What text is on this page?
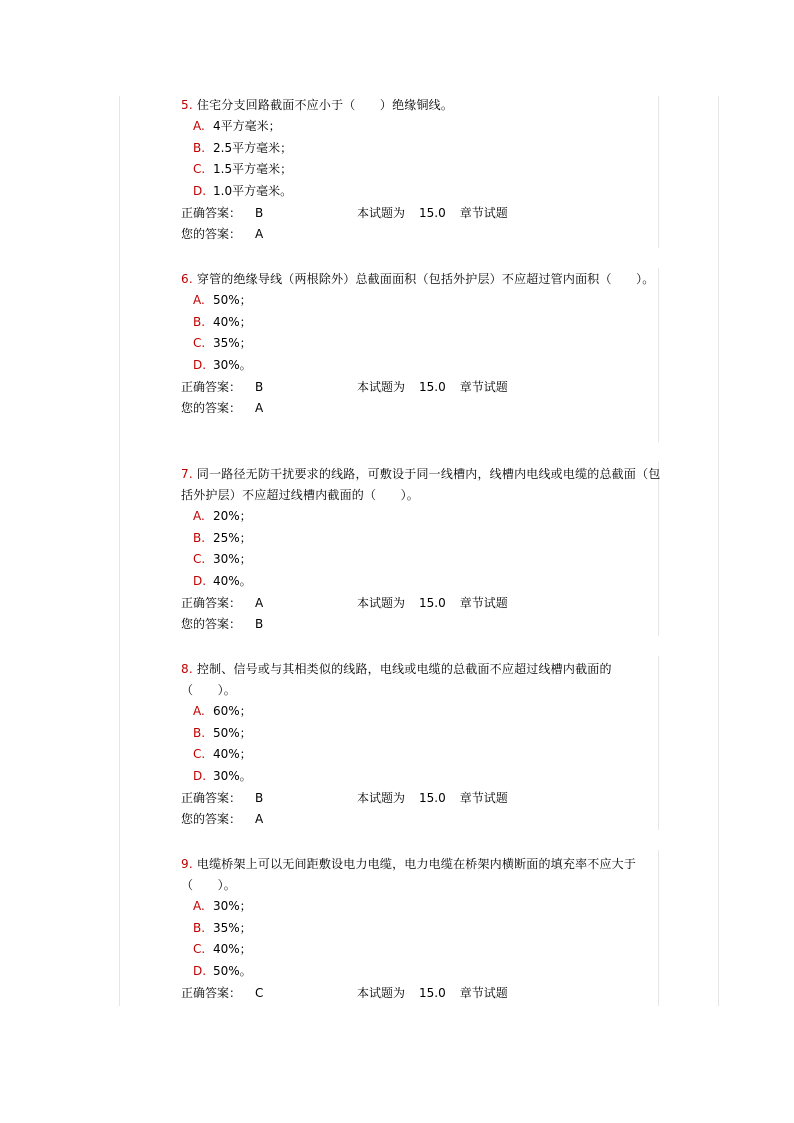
5. 住宅分支回路截面不应小于（　　）绝缘铜线。
A. 4平方毫米；
B. 2.5平方毫米；
C. 1.5平方毫米；
D. 1.0平方毫米。
正确答案： B	本试题为 15.0 章节试题
您的答案： A
6. 穿管的绝缘导线（两根除外）总截面面积（包括外护层）不应超过管内面积（　　）。
A. 50%；
B. 40%；
C. 35%；
D. 30%。
正确答案： B	本试题为 15.0 章节试题
您的答案： A
7. 同一路径无防干扰要求的线路，可敷设于同一线槽内，线槽内电线或电缆的总截面（包括外护层）不应超过线槽内截面的（　　）。
A. 20%；
B. 25%；
C. 30%；
D. 40%。
正确答案： A	本试题为 15.0 章节试题
您的答案： B
8. 控制、信号或与其相类似的线路，电线或电缆的总截面不应超过线槽内截面的（　　）。
A. 60%；
B. 50%；
C. 40%；
D. 30%。
正确答案： B	本试题为 15.0 章节试题
您的答案： A
9. 电缆桥架上可以无间距敷设电力电缆，电力电缆在桥架内横断面的填充率不应大于（　　）。
A. 30%；
B. 35%；
C. 40%；
D. 50%。
正确答案： C	本试题为 15.0 章节试题
